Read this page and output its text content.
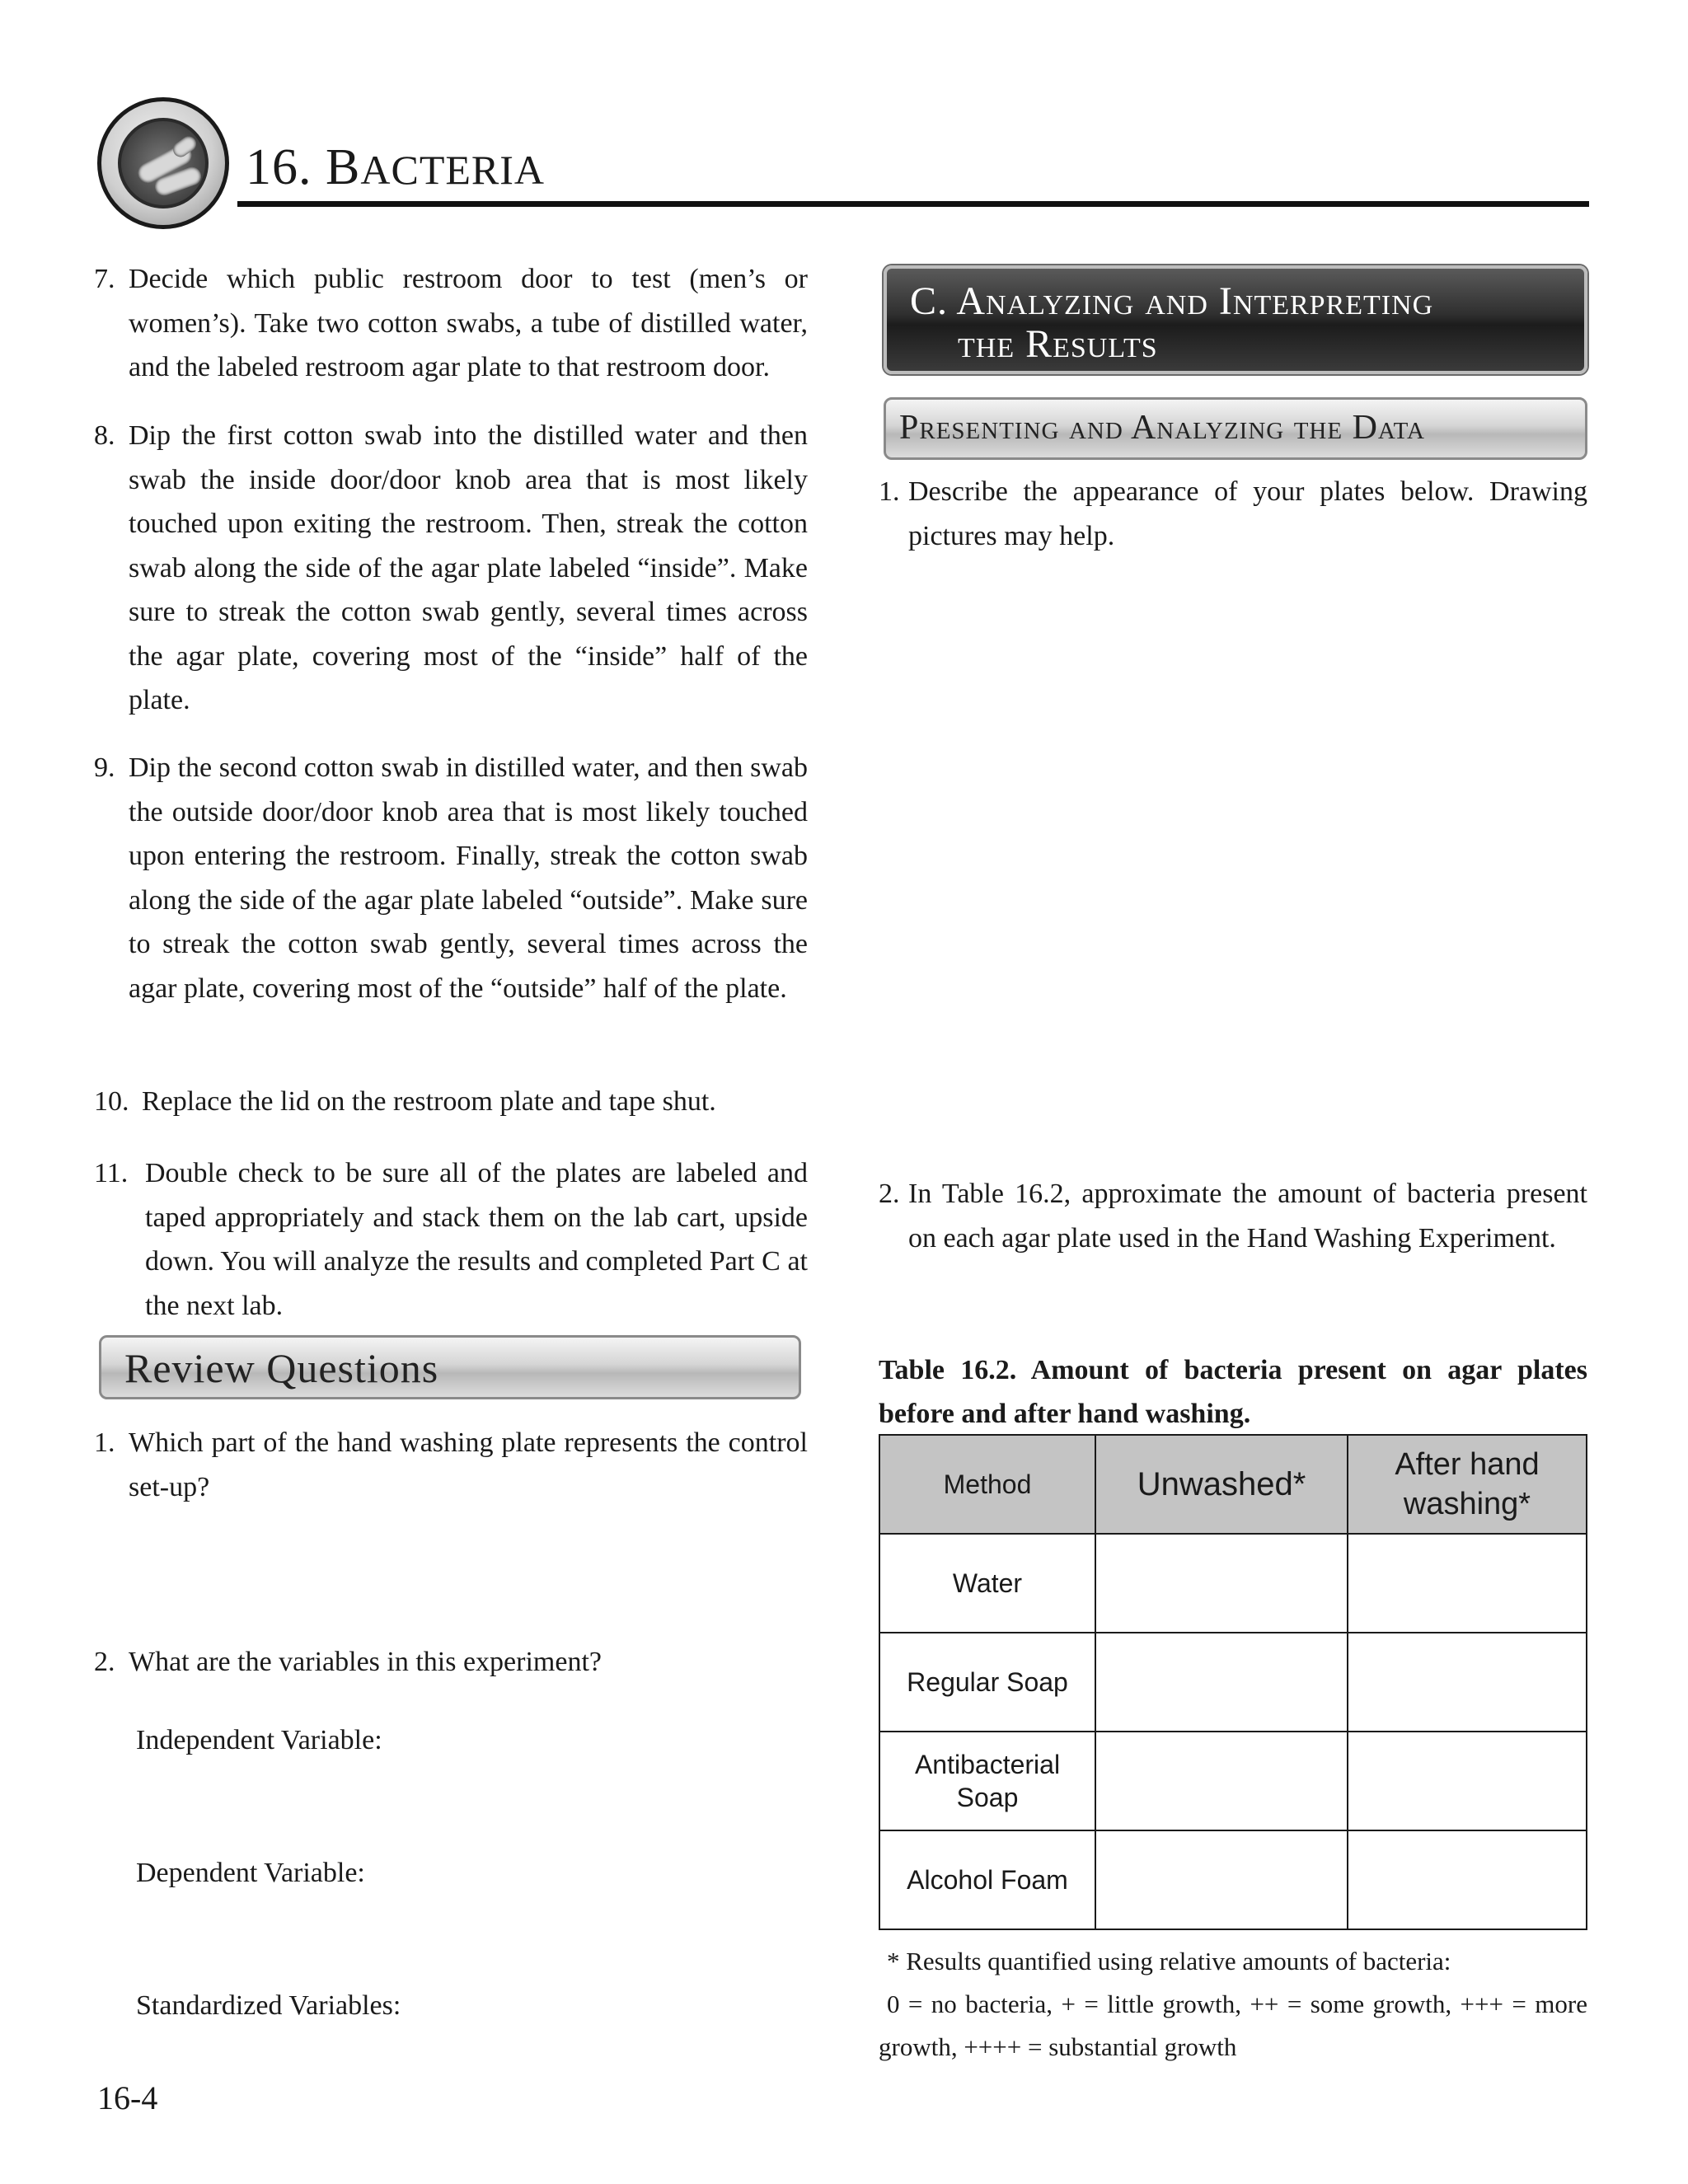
16. BACTERIA
7. Decide which public restroom door to test (men’s or women’s). Take two cotton swabs, a tube of distilled water, and the labeled restroom agar plate to that restroom door.
8. Dip the first cotton swab into the distilled water and then swab the inside door/door knob area that is most likely touched upon exiting the restroom. Then, streak the cotton swab along the side of the agar plate labeled “inside”. Make sure to streak the cotton swab gently, several times across the agar plate, covering most of the “inside” half of the plate.
9. Dip the second cotton swab in distilled water, and then swab the outside door/door knob area that is most likely touched upon entering the restroom. Finally, streak the cotton swab along the side of the agar plate labeled “outside”. Make sure to streak the cotton swab gently, several times across the agar plate, covering most of the “outside” half of the plate.
10. Replace the lid on the restroom plate and tape shut.
11. Double check to be sure all of the plates are labeled and taped appropriately and stack them on the lab cart, upside down. You will analyze the results and completed Part C at the next lab.
Review Questions
1. Which part of the hand washing plate represents the control set-up?
2. What are the variables in this experiment?
Independent Variable:
Dependent Variable:
Standardized Variables:
16-4
C. Analyzing and Interpreting
the Results
Presenting and Analyzing the Data
1. Describe the appearance of your plates below. Drawing pictures may help.
2. In Table 16.2, approximate the amount of bacteria present on each agar plate used in the Hand Washing Experiment.
Table 16.2. Amount of bacteria present on agar plates before and after hand washing.
Method	Unwashed*	After hand washing*
Water		
Regular Soap		
Antibacterial Soap		
Alcohol Foam		
* Results quantified using relative amounts of bacteria:
0 = no bacteria, + = little growth, ++ = some growth, +++ = more growth, ++++ = substantial growth
